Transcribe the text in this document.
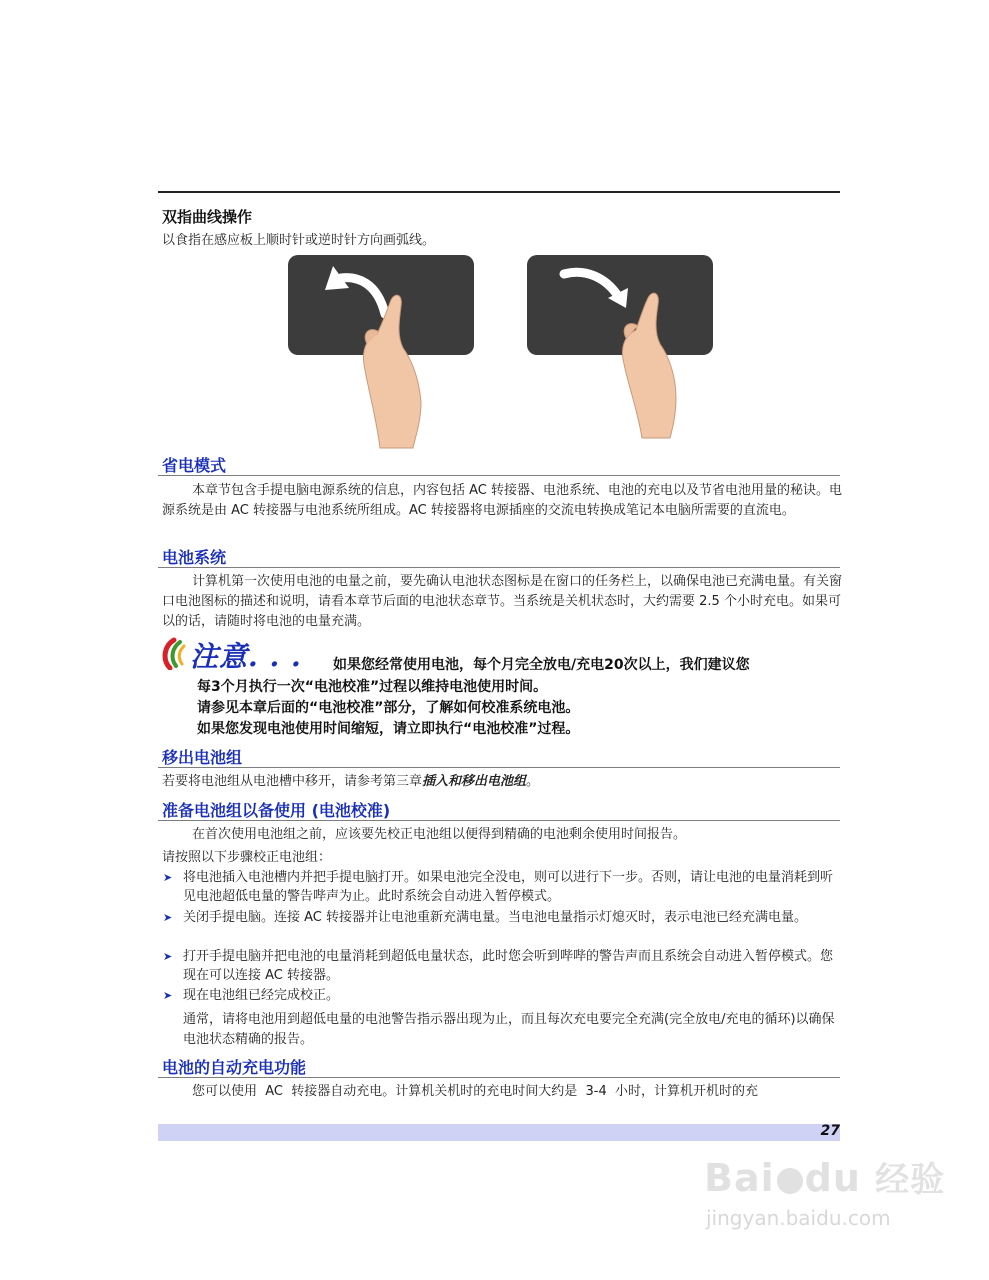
双指曲线操作
以食指在感应板上顺时针或逆时针方向画弧线。
省电模式
本章节包含手提电脑电源系统的信息，内容包括 AC 转接器、电池系统、电池的充电以及节省电池用量的秘诀。电源系统是由 AC 转接器与电池系统所组成。AC 转接器将电源插座的交流电转换成笔记本电脑所需要的直流电。
电池系统
计算机第一次使用电池的电量之前，要先确认电池状态图标是在窗口的任务栏上，以确保电池已充满电量。有关窗口电池图标的描述和说明，请看本章节后面的电池状态章节。当系统是关机状态时，大约需要 2.5 个小时充电。如果可以的话，请随时将电池的电量充满。
注意. . . 如果您经常使用电池，每个月完全放电/充电20次以上，我们建议您
每3个月执行一次“电池校准”过程以维持电池使用时间。
请参见本章后面的“电池校准”部分，了解如何校准系统电池。
如果您发现电池使用时间缩短，请立即执行“电池校准”过程。
移出电池组
若要将电池组从电池槽中移开，请参考第三章插入和移出电池组。
准备电池组以备使用 (电池校准)
在首次使用电池组之前，应该要先校正电池组以便得到精确的电池剩余使用时间报告。
请按照以下步骤校正电池组：
➤ 将电池插入电池槽内并把手提电脑打开。如果电池完全没电，则可以进行下一步。否则，请让电池的电量消耗到听见电池超低电量的警告哔声为止。此时系统会自动进入暂停模式。
➤ 关闭手提电脑。连接 AC 转接器并让电池重新充满电量。当电池电量指示灯熄灭时，表示电池已经充满电量。
➤ 打开手提电脑并把电池的电量消耗到超低电量状态，此时您会听到哔哔的警告声而且系统会自动进入暂停模式。您现在可以连接 AC 转接器。
➤ 现在电池组已经完成校正。
通常，请将电池用到超低电量的电池警告指示器出现为止，而且每次充电要完全充满(完全放电/充电的循环)以确保电池状态精确的报告。
电池的自动充电功能
您可以使用  AC  转接器自动充电。计算机关机时的充电时间大约是  3-4  小时，计算机开机时的充
27
Bai du 经验
jingyan.baidu.com
